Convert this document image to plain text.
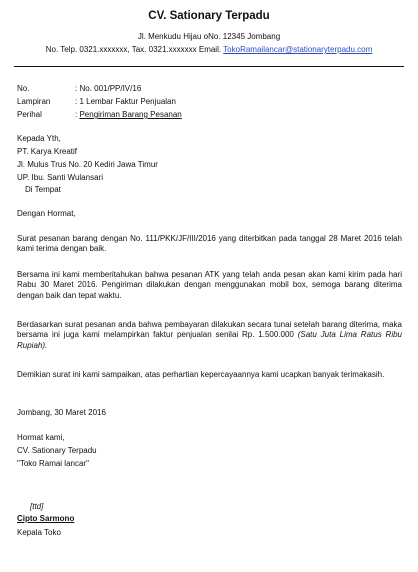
CV. Sationary Terpadu
Jl. Menkudu Hijau oNo. 12345 Jombang
No. Telp. 0321.xxxxxxx, Tax. 0321.xxxxxxx Email. TokoRamailancar@stationaryterpadu.com
No.	: No. 001/PP/IV/16
Lampiran	: 1 Lembar Faktur Penjualan
Perihal	: Pengiriman Barang Pesanan
Kepada Yth,
PT. Karya Kreatif
Jl. Mulus Trus No. 20 Kediri Jawa Timur
UP. Ibu. Santi Wulansari
Di Tempat
Dengan Hormat,
Surat pesanan barang dengan No. 111/PKK/JF/III/2016 yang diterbitkan pada tanggal 28 Maret 2016 telah kami terima dengan baik.
Bersama ini kami memberitahukan bahwa pesanan ATK yang telah anda pesan akan kami kirim pada hari Rabu 30 Maret 2016. Pengiriman dilakukan dengan menggunakan mobil box, semoga barang diterima dengan baik dan tepat waktu.
Berdasarkan surat pesanan anda bahwa pembayaran dilakukan secara tunai setelah barang diterima, maka bersama ini juga kami melampirkan faktur penjualan senilai Rp. 1.500.000 (Satu Juta Lima Ratus Ribu Rupiah).
Demikian surat ini kami sampaikan, atas perhartian kepercayaannya kami ucapkan banyak terimakasih.
Jombang, 30 Maret 2016
Hormat kami,
CV. Sationary Terpadu
"Toko Ramai lancar"
[ttd]
Cipto Sarmono
Kepala Toko
